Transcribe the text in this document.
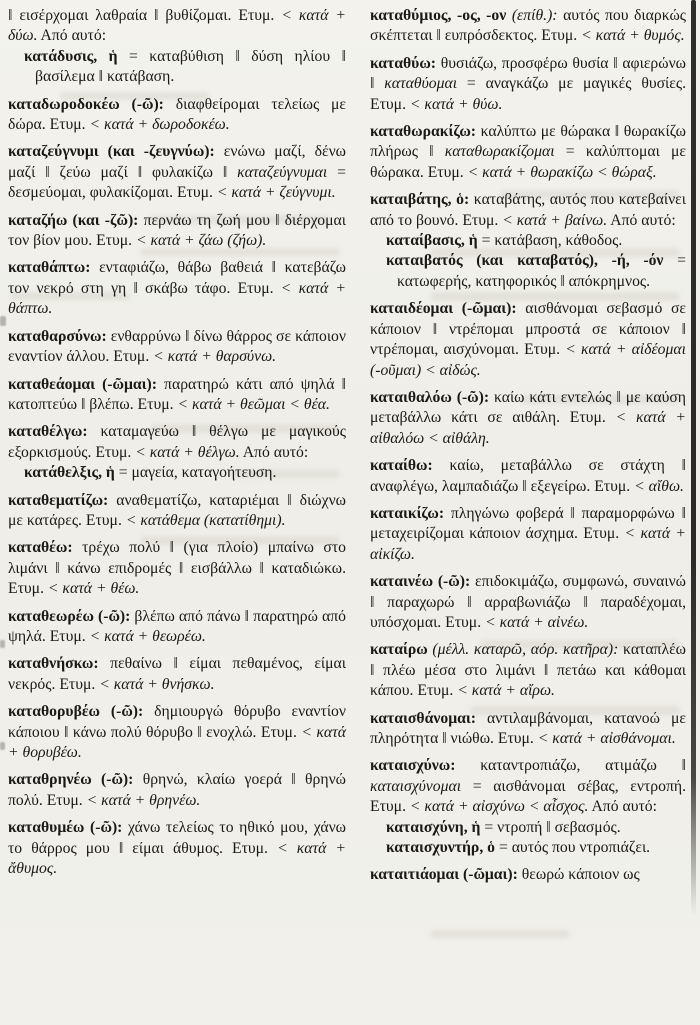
‖ εισέρχομαι λαθραία ‖ βυθίζομαι. Ετυμ. < κατά + δύω. Από αυτό:

κατάδυσις, ἡ = καταβύθιση ‖ δύση ηλίου ‖ βασίλεμα ‖ κατάβαση.

καταδωροδοκέω (-ῶ): διαφθείρομαι τελείως με δώρα. Ετυμ. < κατά + δωροδοκέω.

καταζεύγνυμι (και -ζευγνύω): ενώνω μαζί, δένω μαζί ‖ ζεύω μαζί ‖ φυλακίζω ‖ καταζεύγνυμαι = δεσμεύομαι, φυλακίζομαι. Ετυμ. < κατά + ζεύγνυμι.

καταζήω (και -ζῶ): περνάω τη ζωή μου ‖ διέρχομαι τον βίον μου. Ετυμ. < κατά + ζάω (ζήω).

καταθάπτω: ενταφιάζω, θάβω βαθειά ‖ κατεβάζω τον νεκρό στη γη ‖ σκάβω τάφο. Ετυμ. < κατά + θάπτω.

καταθαρσύνω: ενθαρρύνω ‖ δίνω θάρρος σε κάποιον εναντίον άλλου. Ετυμ. < κατά + θαρσύνω.

καταθεάομαι (-ῶμαι): παρατηρώ κάτι από ψηλά ‖ κατοπτεύω ‖ βλέπω. Ετυμ. < κατά + θεῶμαι < θέα.

καταθέλγω: καταμαγεύω ‖ θέλγω με μαγικούς εξορκισμούς. Ετυμ. < κατά + θέλγω. Από αυτό:

κατάθελξις, ἡ = μαγεία, καταγοήτευση.

καταθεματίζω: αναθεματίζω, καταριέμαι ‖ διώχνω με κατάρες. Ετυμ. < κατάθεμα (κατατίθημι).

καταθέω: τρέχω πολύ ‖ (για πλοίο) μπαίνω στο λιμάνι ‖ κάνω επιδρομές ‖ εισβάλλω ‖ καταδιώκω. Ετυμ. < κατά + θέω.

καταθεωρέω (-ῶ): βλέπω από πάνω ‖ παρατηρώ από ψηλά. Ετυμ. < κατά + θεωρέω.

καταθνήσκω: πεθαίνω ‖ είμαι πεθαμένος, είμαι νεκρός. Ετυμ. < κατά + θνήσκω.

καταθορυβέω (-ῶ): δημιουργώ θόρυβο εναντίον κάποιου ‖ κάνω πολύ θόρυβο ‖ ενοχλώ. Ετυμ. < κατά + θορυβέω.

καταθρηνέω (-ῶ): θρηνώ, κλαίω γοερά ‖ θρηνώ πολύ. Ετυμ. < κατά + θρηνέω.

καταθυμέω (-ῶ): χάνω τελείως το ηθικό μου, χάνω το θάρρος μου ‖ είμαι άθυμος. Ετυμ. < κατά + ἄθυμος.

καταθύμιος, -ος, -ον (επίθ.): αυτός που διαρκώς σκέπτεται ‖ ευπρόσδεκτος. Ετυμ. < κατά + θυμός.

καταθύω: θυσιάζω, προσφέρω θυσία ‖ αφιερώνω ‖ καταθύομαι = αναγκάζω με μαγικές θυσίες. Ετυμ. < κατά + θύω.

καταθωρακίζω: καλύπτω με θώρακα ‖ θωρακίζω πλήρως ‖ καταθωρακίζομαι = καλύπτομαι με θώρακα. Ετυμ. < κατά + θωρακίζω < θώραξ.

καταιβάτης, ὁ: καταβάτης, αυτός που κατεβαίνει από το βουνό. Ετυμ. < κατά + βαίνω. Από αυτό:

καταίβασις, ἡ = κατάβαση, κάθοδος.

καταιβατός (και καταβατός), -ή, -όν = κατωφερής, κατηφορικός ‖ απόκρημνος.

καταιδέομαι (-ῶμαι): αισθάνομαι σεβασμό σε κάποιον ‖ ντρέπομαι μπροστά σε κάποιον ‖ ντρέπομαι, αισχύνομαι. Ετυμ. < κατά + αἰδέομαι (-οῦμαι) < αἰδώς.

καταιθαλόω (-ῶ): καίω κάτι εντελώς ‖ με καύση μεταβάλλω κάτι σε αιθάλη. Ετυμ. < κατά + αἰθαλόω < αἰθάλη.

καταίθω: καίω, μεταβάλλω σε στάχτη ‖ αναφλέγω, λαμπαδιάζω ‖ εξεγείρω. Ετυμ. < αἴθω.

καταικίζω: πληγώνω φοβερά ‖ παραμορφώνω ‖ μεταχειρίζομαι κάποιον άσχημα. Ετυμ. < κατά + αἰκίζω.

καταινέω (-ῶ): επιδοκιμάζω, συμφωνώ, συναινώ ‖ παραχωρώ ‖ αρραβωνιάζω ‖ παραδέχομαι, υπόσχομαι. Ετυμ. < κατά + αἰνέω.

καταίρω (μέλλ. καταρῶ, αόρ. κατῆρα): καταπλέω ‖ πλέω μέσα στο λιμάνι ‖ πετάω και κάθομαι κάπου. Ετυμ. < κατά + αἴρω.

καταισθάνομαι: αντιλαμβάνομαι, κατανοώ με πληρότητα ‖ νιώθω. Ετυμ. < κατά + αἰσθάνομαι.

καταισχύνω: καταντροπιάζω, ατιμάζω ‖ καταισχύνομαι = αισθάνομαι σέβας, εντροπή. Ετυμ. < κατά + αἰσχύνω < αἶσχος. Από αυτό:

καταισχύνη, ἡ = ντροπή ‖ σεβασμός.

καταισχυντήρ, ὁ = αυτός που ντροπιάζει.

καταιτιάομαι (-ῶμαι): θεωρώ κάποιον ως
